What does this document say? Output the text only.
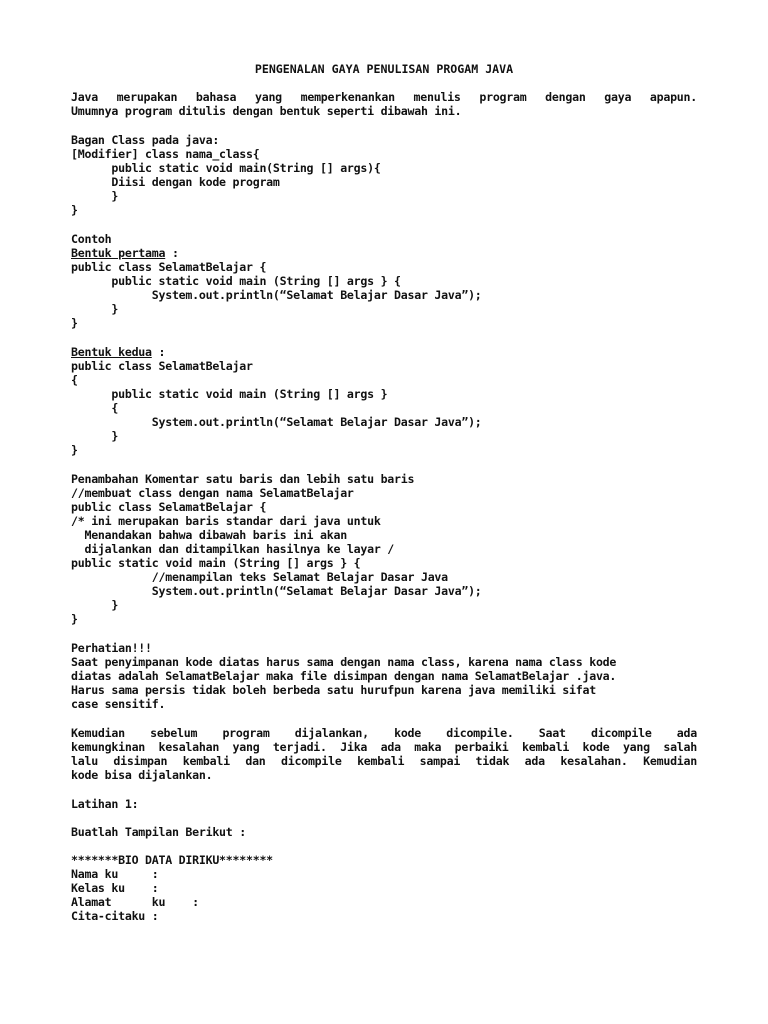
PENGENALAN GAYA PENULISAN PROGAM JAVA
Java merupakan bahasa yang memperkenankan menulis program dengan gaya apapun.
Umumnya program ditulis dengan bentuk seperti dibawah ini.
Bagan Class pada java:
[Modifier] class nama_class{
public static void main(String [] args){
Diisi dengan kode program
}
}
Contoh
Bentuk pertama :
public class SelamatBelajar {
public static void main (String [] args } {
System.out.println(“Selamat Belajar Dasar Java”);
}
}
Bentuk kedua :
public class SelamatBelajar
{
public static void main (String [] args }
{
System.out.println(“Selamat Belajar Dasar Java”);
}
}
Penambahan Komentar satu baris dan lebih satu baris
//membuat class dengan nama SelamatBelajar
public class SelamatBelajar {
/* ini merupakan baris standar dari java untuk
Menandakan bahwa dibawah baris ini akan
dijalankan dan ditampilkan hasilnya ke layar /
public static void main (String [] args } {
//menampilan teks Selamat Belajar Dasar Java
System.out.println(“Selamat Belajar Dasar Java”);
}
}
Perhatian!!!
Saat penyimpanan kode diatas harus sama dengan nama class, karena nama class kode
diatas adalah SelamatBelajar maka file disimpan dengan nama SelamatBelajar .java.
Harus sama persis tidak boleh berbeda satu hurufpun karena java memiliki sifat
case sensitif.
Kemudian sebelum program dijalankan, kode dicompile. Saat dicompile ada
kemungkinan kesalahan yang terjadi. Jika ada maka perbaiki kembali kode yang salah
lalu disimpan kembali dan dicompile kembali sampai tidak ada kesalahan. Kemudian
kode bisa dijalankan.
Latihan 1:
Buatlah Tampilan Berikut :
*******BIO DATA DIRIKU********
Nama ku     :
Kelas ku    :
Alamat      ku    :
Cita-citaku :
